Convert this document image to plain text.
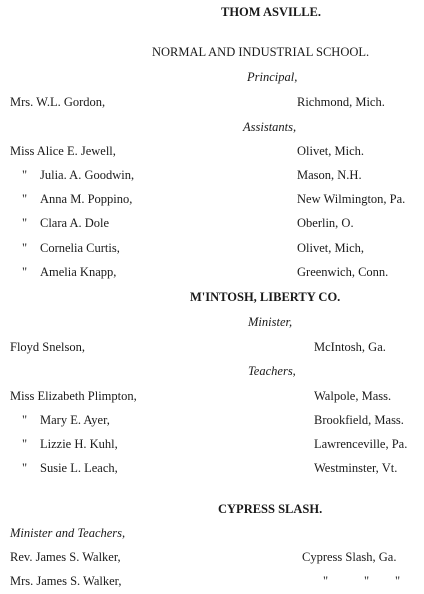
THOM ASVILLE.
NORMAL AND INDUSTRIAL SCHOOL.
Principal,
Mrs. W.L. Gordon,	Richmond, Mich.
Assistants,
Miss Alice E. Jewell,	Olivet, Mich.
" Julia. A. Goodwin,	Mason, N.H.
" Anna M. Poppino,	New Wilmington, Pa.
" Clara A. Dole	Oberlin, O.
" Cornelia Curtis,	Olivet, Mich,
" Amelia Knapp,	Greenwich, Conn.
M'INTOSH, LIBERTY CO.
Minister,
Floyd Snelson,	McIntosh, Ga.
Teachers,
Miss Elizabeth Plimpton,	Walpole, Mass.
" Mary E. Ayer,	Brookfield, Mass.
" Lizzie H. Kuhl,	Lawrenceville, Pa.
" Susie L. Leach,	Westminster, Vt.
CYPRESS SLASH.
Minister and Teachers,
Rev. James S. Walker,	Cypress Slash, Ga.
Mrs. James S. Walker,	"	" "
